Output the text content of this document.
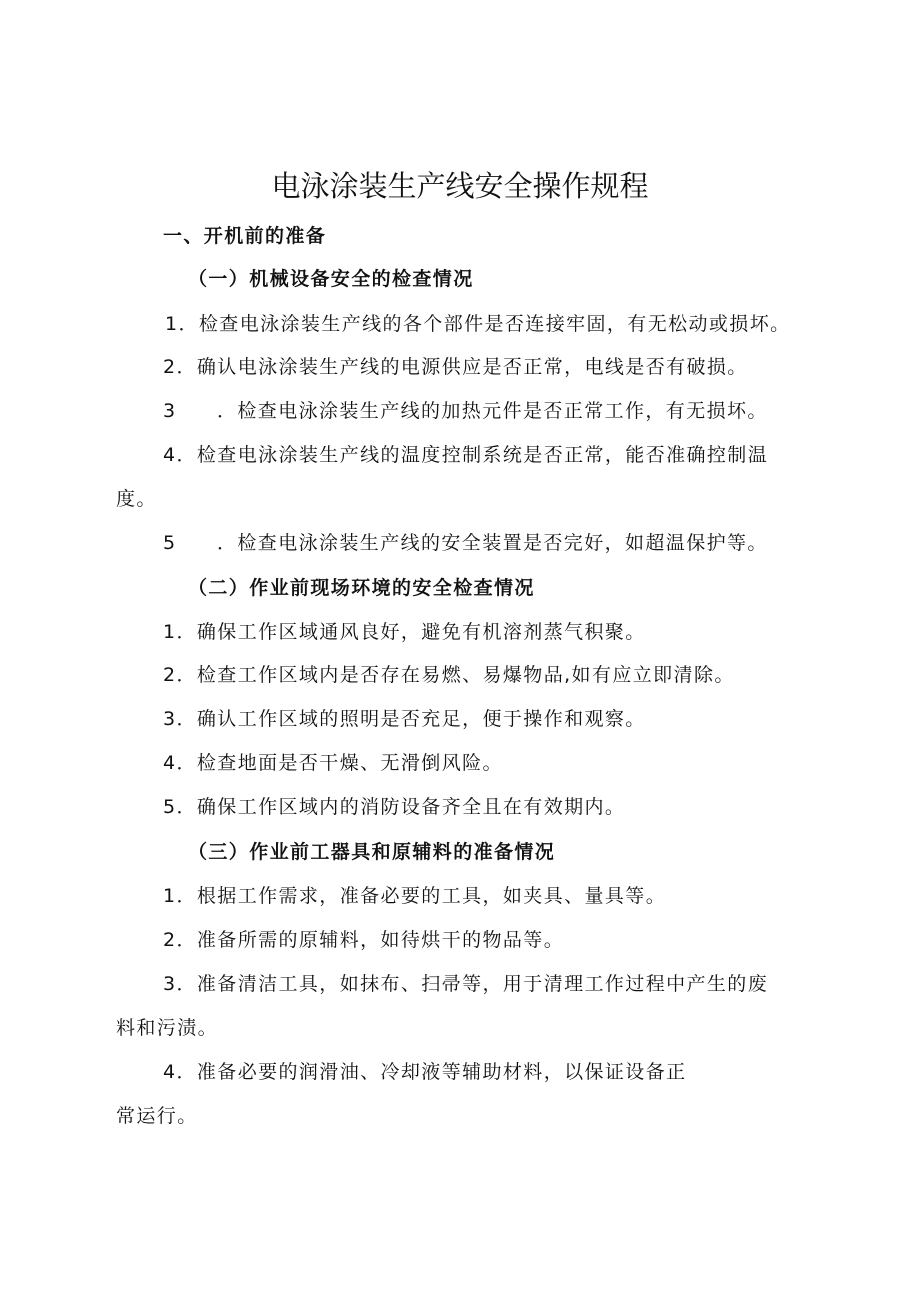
电泳涂装生产线安全操作规程
一、开机前的准备
（一）机械设备安全的检查情况
1．检查电泳涂装生产线的各个部件是否连接牢固，有无松动或损坏。
2．确认电泳涂装生产线的电源供应是否正常，电线是否有破损。
3 ．检查电泳涂装生产线的加热元件是否正常工作，有无损坏。
4．检查电泳涂装生产线的温度控制系统是否正常，能否准确控制温
度。
5 ．检查电泳涂装生产线的安全装置是否完好，如超温保护等。
（二）作业前现场环境的安全检查情况
1．确保工作区域通风良好，避免有机溶剂蒸气积聚。
2．检查工作区域内是否存在易燃、易爆物品,如有应立即清除。
3．确认工作区域的照明是否充足，便于操作和观察。
4．检查地面是否干燥、无滑倒风险。
5．确保工作区域内的消防设备齐全且在有效期内。
（三）作业前工器具和原辅料的准备情况
1．根据工作需求，准备必要的工具，如夹具、量具等。
2．准备所需的原辅料，如待烘干的物品等。
3．准备清洁工具，如抹布、扫帚等，用于清理工作过程中产生的废
料和污渍。
4．准备必要的润滑油、冷却液等辅助材料，以保证设备正
常运行。
